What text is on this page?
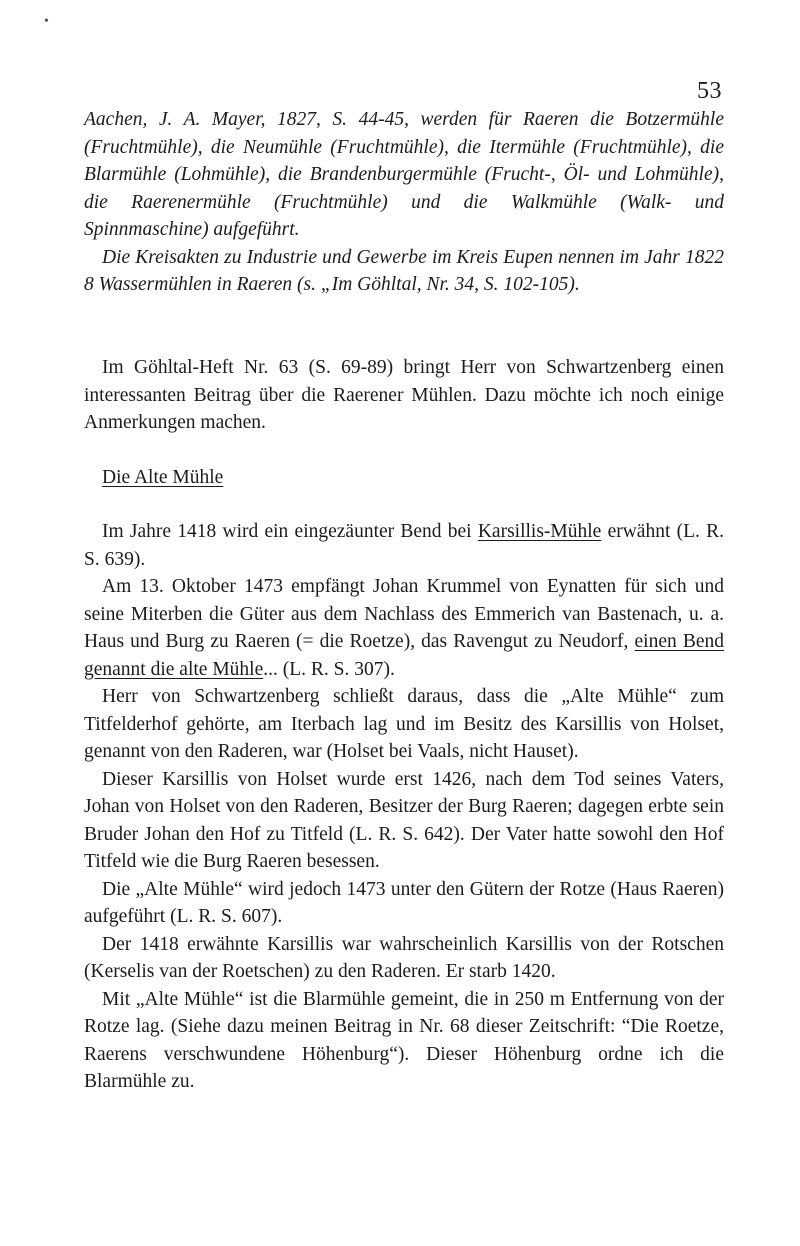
•
53

Aachen, J. A. Mayer, 1827, S. 44-45, werden für Raeren die Botzermühle (Fruchtmühle), die Neumühle (Fruchtmühle), die Itermühle (Fruchtmühle), die Blarmühle (Lohmühle), die Brandenburgermühle (Frucht-, Öl- und Lohmühle), die Raerenermühle (Fruchtmühle) und die Walkmühle (Walk- und Spinnmaschine) aufgeführt.

Die Kreisakten zu Industrie und Gewerbe im Kreis Eupen nennen im Jahr 1822 8 Wassermühlen in Raeren (s. „Im Göhltal, Nr. 34, S. 102-105).

Im Göhltal-Heft Nr. 63 (S. 69-89) bringt Herr von Schwartzenberg einen interessanten Beitrag über die Raerener Mühlen. Dazu möchte ich noch einige Anmerkungen machen.

Die Alte Mühle

Im Jahre 1418 wird ein eingezäunter Bend bei Karsillis-Mühle erwähnt (L. R. S. 639).

Am 13. Oktober 1473 empfängt Johan Krummel von Eynatten für sich und seine Miterben die Güter aus dem Nachlass des Emmerich van Bastenach, u. a. Haus und Burg zu Raeren (= die Roetze), das Ravengut zu Neudorf, einen Bend genannt die alte Mühle... (L. R. S. 307).

Herr von Schwartzenberg schließt daraus, dass die „Alte Mühle“ zum Titfelderhof gehörte, am Iterbach lag und im Besitz des Karsillis von Holset, genannt von den Raderen, war (Holset bei Vaals, nicht Hauset).

Dieser Karsillis von Holset wurde erst 1426, nach dem Tod seines Vaters, Johan von Holset von den Raderen, Besitzer der Burg Raeren; dagegen erbte sein Bruder Johan den Hof zu Titfeld (L. R. S. 642). Der Vater hatte sowohl den Hof Titfeld wie die Burg Raeren besessen.

Die „Alte Mühle“ wird jedoch 1473 unter den Gütern der Rotze (Haus Raeren) aufgeführt (L. R. S. 607).

Der 1418 erwähnte Karsillis war wahrscheinlich Karsillis von der Rotschen (Kerselis van der Roetschen) zu den Raderen. Er starb 1420.

Mit „Alte Mühle“ ist die Blarmühle gemeint, die in 250 m Entfernung von der Rotze lag. (Siehe dazu meinen Beitrag in Nr. 68 dieser Zeitschrift: “Die Roetze, Raerens verschwundene Höhenburg“). Dieser Höhenburg ordne ich die Blarmühle zu.
